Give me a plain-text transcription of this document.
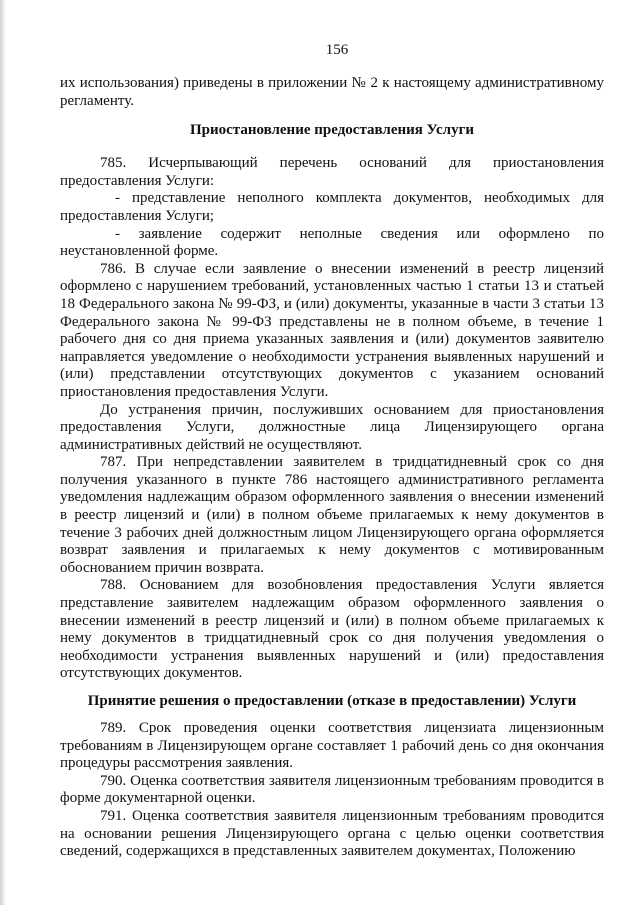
156

их использования) приведены в приложении № 2 к настоящему административному регламенту.

Приостановление предоставления Услуги

785. Исчерпывающий перечень оснований для приостановления предоставления Услуги:

- представление неполного комплекта документов, необходимых для предоставления Услуги;

- заявление содержит неполные сведения или оформлено по неустановленной форме.

786. В случае если заявление о внесении изменений в реестр лицензий оформлено с нарушением требований, установленных частью 1 статьи 13 и статьей 18 Федерального закона № 99-ФЗ, и (или) документы, указанные в части 3 статьи 13 Федерального закона № 99-ФЗ представлены не в полном объеме, в течение 1 рабочего дня со дня приема указанных заявления и (или) документов заявителю направляется уведомление о необходимости устранения выявленных нарушений и (или) представлении отсутствующих документов с указанием оснований приостановления предоставления Услуги.

До устранения причин, послуживших основанием для приостановления предоставления Услуги, должностные лица Лицензирующего органа административных действий не осуществляют.

787. При непредставлении заявителем в тридцатидневный срок со дня получения указанного в пункте 786 настоящего административного регламента уведомления надлежащим образом оформленного заявления о внесении изменений в реестр лицензий и (или) в полном объеме прилагаемых к нему документов в течение 3 рабочих дней должностным лицом Лицензирующего органа оформляется возврат заявления и прилагаемых к нему документов с мотивированным обоснованием причин возврата.

788. Основанием для возобновления предоставления Услуги является представление заявителем надлежащим образом оформленного заявления о внесении изменений в реестр лицензий и (или) в полном объеме прилагаемых к нему документов в тридцатидневный срок со дня получения уведомления о необходимости устранения выявленных нарушений и (или) предоставления отсутствующих документов.

Принятие решения о предоставлении (отказе в предоставлении) Услуги

789. Срок проведения оценки соответствия лицензиата лицензионным требованиям в Лицензирующем органе составляет 1 рабочий день со дня окончания процедуры рассмотрения заявления.

790. Оценка соответствия заявителя лицензионным требованиям проводится в форме документарной оценки.

791. Оценка соответствия заявителя лицензионным требованиям проводится на основании решения Лицензирующего органа с целью оценки соответствия сведений, содержащихся в представленных заявителем документах, Положению
